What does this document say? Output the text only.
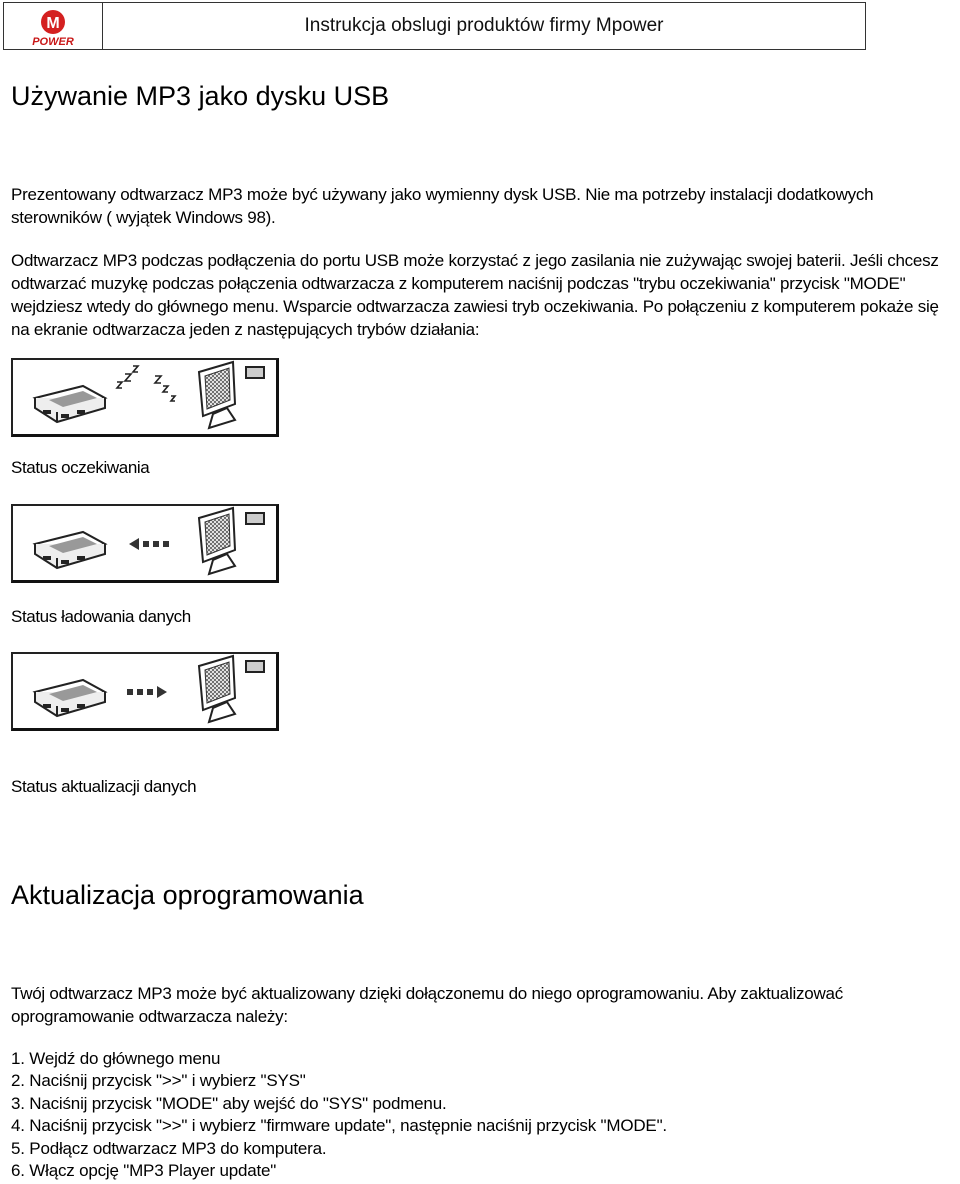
M
POWER
Instrukcja obslugi produktów firmy Mpower
Używanie MP3 jako dysku USB

Prezentowany odtwarzacz MP3 może być używany jako wymienny dysk USB. Nie ma potrzeby instalacji dodatkowych sterowników ( wyjątek Windows 98).

Odtwarzacz MP3 podczas podłączenia do portu USB może korzystać z jego zasilania nie zużywając swojej baterii. Jeśli chcesz odtwarzać muzykę podczas połączenia odtwarzacza z komputerem naciśnij podczas "trybu oczekiwania" przycisk "MODE" wejdziesz wtedy do głównego menu. Wsparcie odtwarzacza zawiesi tryb oczekiwania. Po połączeniu z komputerem pokaże się na ekranie odtwarzacza jeden z następujących trybów działania:

Status oczekiwania
Status ładowania danych
Status aktualizacji danych
Aktualizacja oprogramowania

Twój odtwarzacz MP3 może być aktualizowany dzięki dołączonemu do niego oprogramowaniu. Aby zaktualizować oprogramowanie odtwarzacza należy:

1. Wejdź do głównego menu
2. Naciśnij przycisk ">>" i wybierz "SYS"
3. Naciśnij przycisk "MODE" aby wejść do "SYS" podmenu.
4. Naciśnij przycisk ">>" i wybierz "firmware update", następnie naciśnij przycisk "MODE".
5. Podłącz odtwarzacz MP3 do komputera.
6. Włącz opcję "MP3 Player update"
